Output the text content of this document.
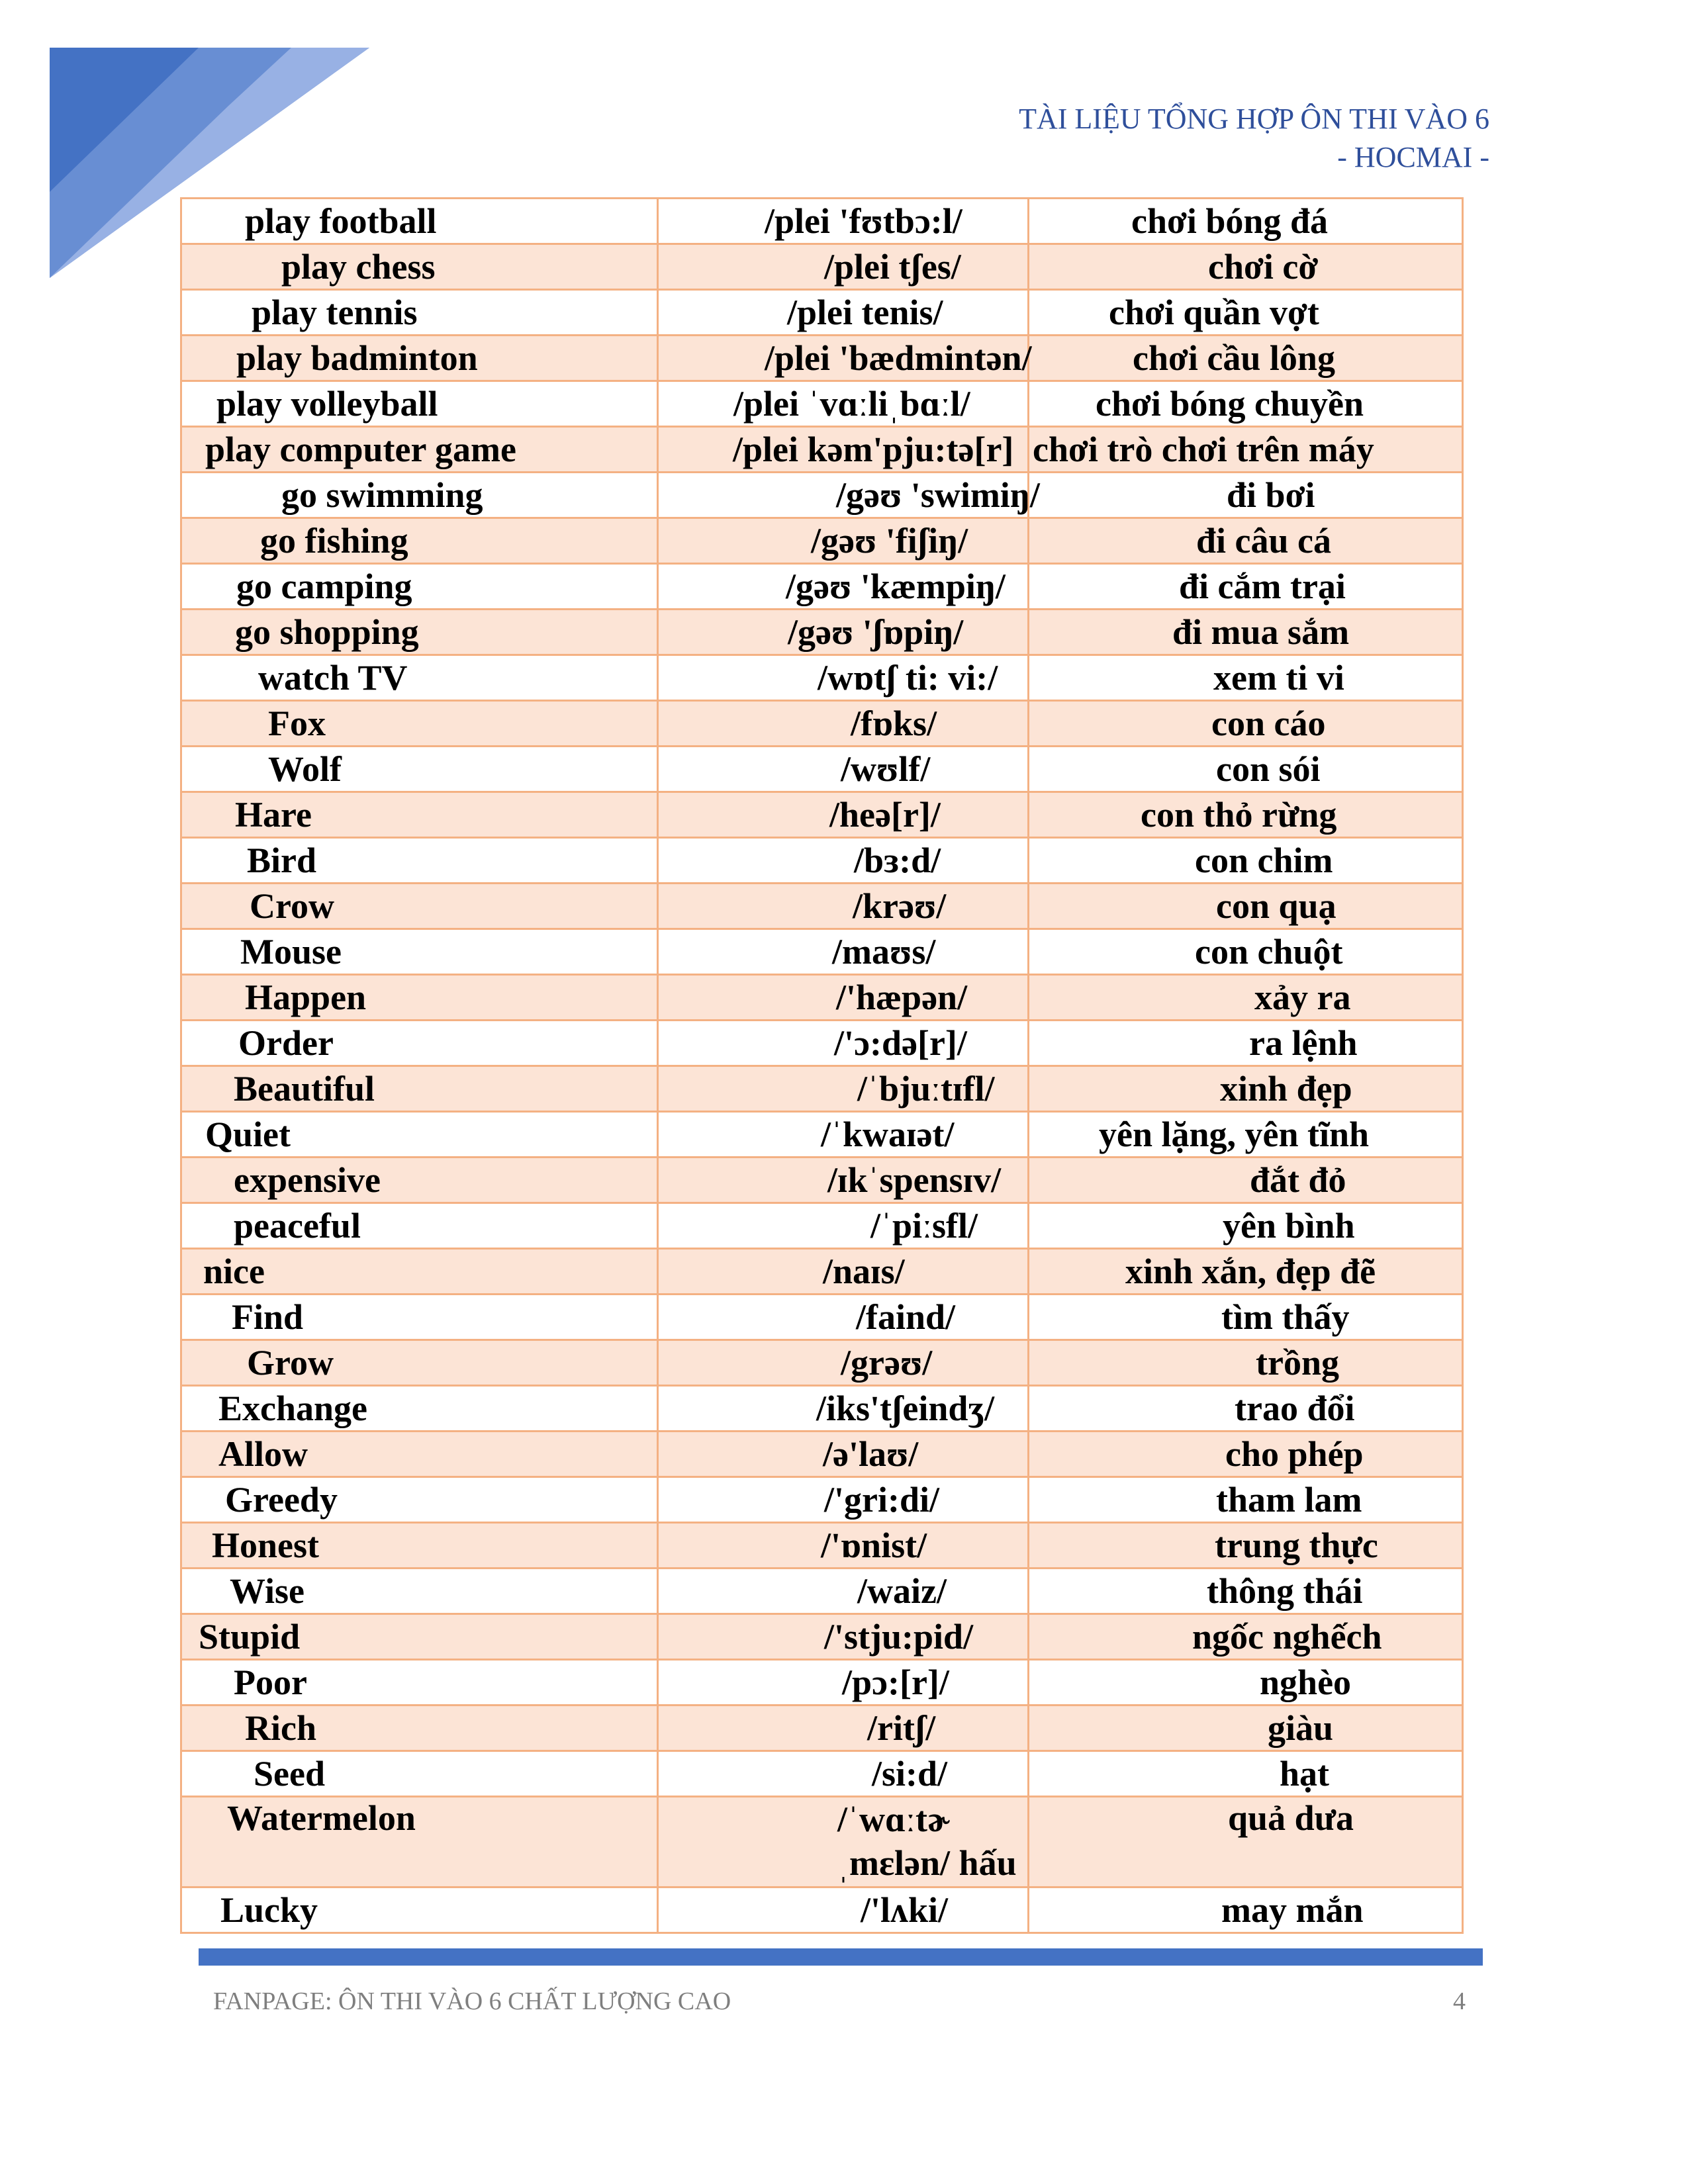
TÀI LIỆU TỔNG HỢP ÔN THI VÀO 6
- HOCMAI -
play football	/plei 'fʊtbɔ:l/	chơi bóng đá
play chess	/plei tʃes/	chơi cờ
play tennis	/plei tenis/	chơi quần vợt
play badminton	/plei 'bædmintən/	chơi cầu lông
play volleyball	/plei ˈvɑːliˌbɑːl/	chơi bóng chuyền
play computer game	/plei kəm'pju:tə[r]	chơi trò chơi trên máy
go swimming	/gəʊ 'swimiŋ/	đi bơi
go fishing	/gəʊ 'fiʃiŋ/	đi câu cá
go camping	/gəʊ 'kæmpiŋ/	đi cắm trại
go shopping	/gəʊ 'ʃɒpiŋ/	đi mua sắm
watch TV	/wɒtʃ ti: vi:/	xem ti vi
Fox	/fɒks/	con cáo
Wolf	/wʊlf/	con sói
Hare	/heə[r]/	con thỏ rừng
Bird	/bɜ:d/	con chim
Crow	/krəʊ/	con quạ
Mouse	/maʊs/	con chuột
Happen	/'hæpən/	xảy ra
Order	/'ɔ:də[r]/	ra lệnh
Beautiful	/ˈbjuːtɪfl/	xinh đẹp
Quiet	/ˈkwaɪət/	yên lặng, yên tĩnh
expensive	/ɪkˈspensɪv/	đắt đỏ
peaceful	/ˈpiːsfl/	yên bình
nice	/naɪs/	xinh xắn, đẹp đẽ
Find	/faind/	tìm thấy
Grow	/grəʊ/	trồng
Exchange	/iks'tʃeindʒ/	trao đổi
Allow	/ə'laʊ/	cho phép
Greedy	/'gri:di/	tham lam
Honest	/'ɒnist/	trung thực
Wise	/waiz/	thông thái
Stupid	/'stju:pid/	ngốc nghếch
Poor	/pɔ:[r]/	nghèo
Rich	/ritʃ/	giàu
Seed	/si:d/	hạt
Watermelon	/ˈwɑːtɚˌmɛlən/ hấu	quả dưa
Lucky	/'lʌki/	may mắn
FANPAGE: ÔN THI VÀO 6 CHẤT LƯỢNG CAO	4
